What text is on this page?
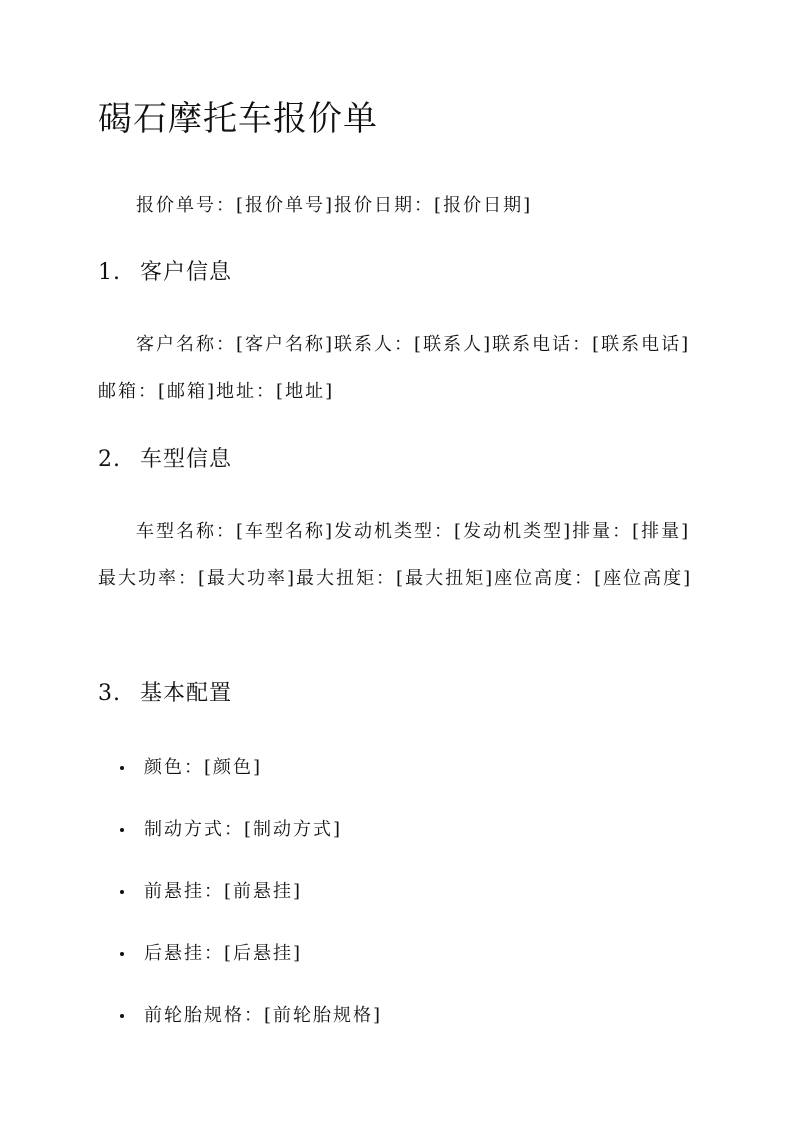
碣石摩托车报价单

报价单号：[报价单号]报价日期：[报价日期]

1. 客户信息

客户名称：[客户名称]联系人：[联系人]联系电话：[联系电话]邮箱：[邮箱]地址：[地址]

2. 车型信息

车型名称：[车型名称]发动机类型：[发动机类型]排量：[排量]最大功率：[最大功率]最大扭矩：[最大扭矩]座位高度：[座位高度]

3. 基本配置
颜色：[颜色]
制动方式：[制动方式]
前悬挂：[前悬挂]
后悬挂：[后悬挂]
前轮胎规格：[前轮胎规格]
